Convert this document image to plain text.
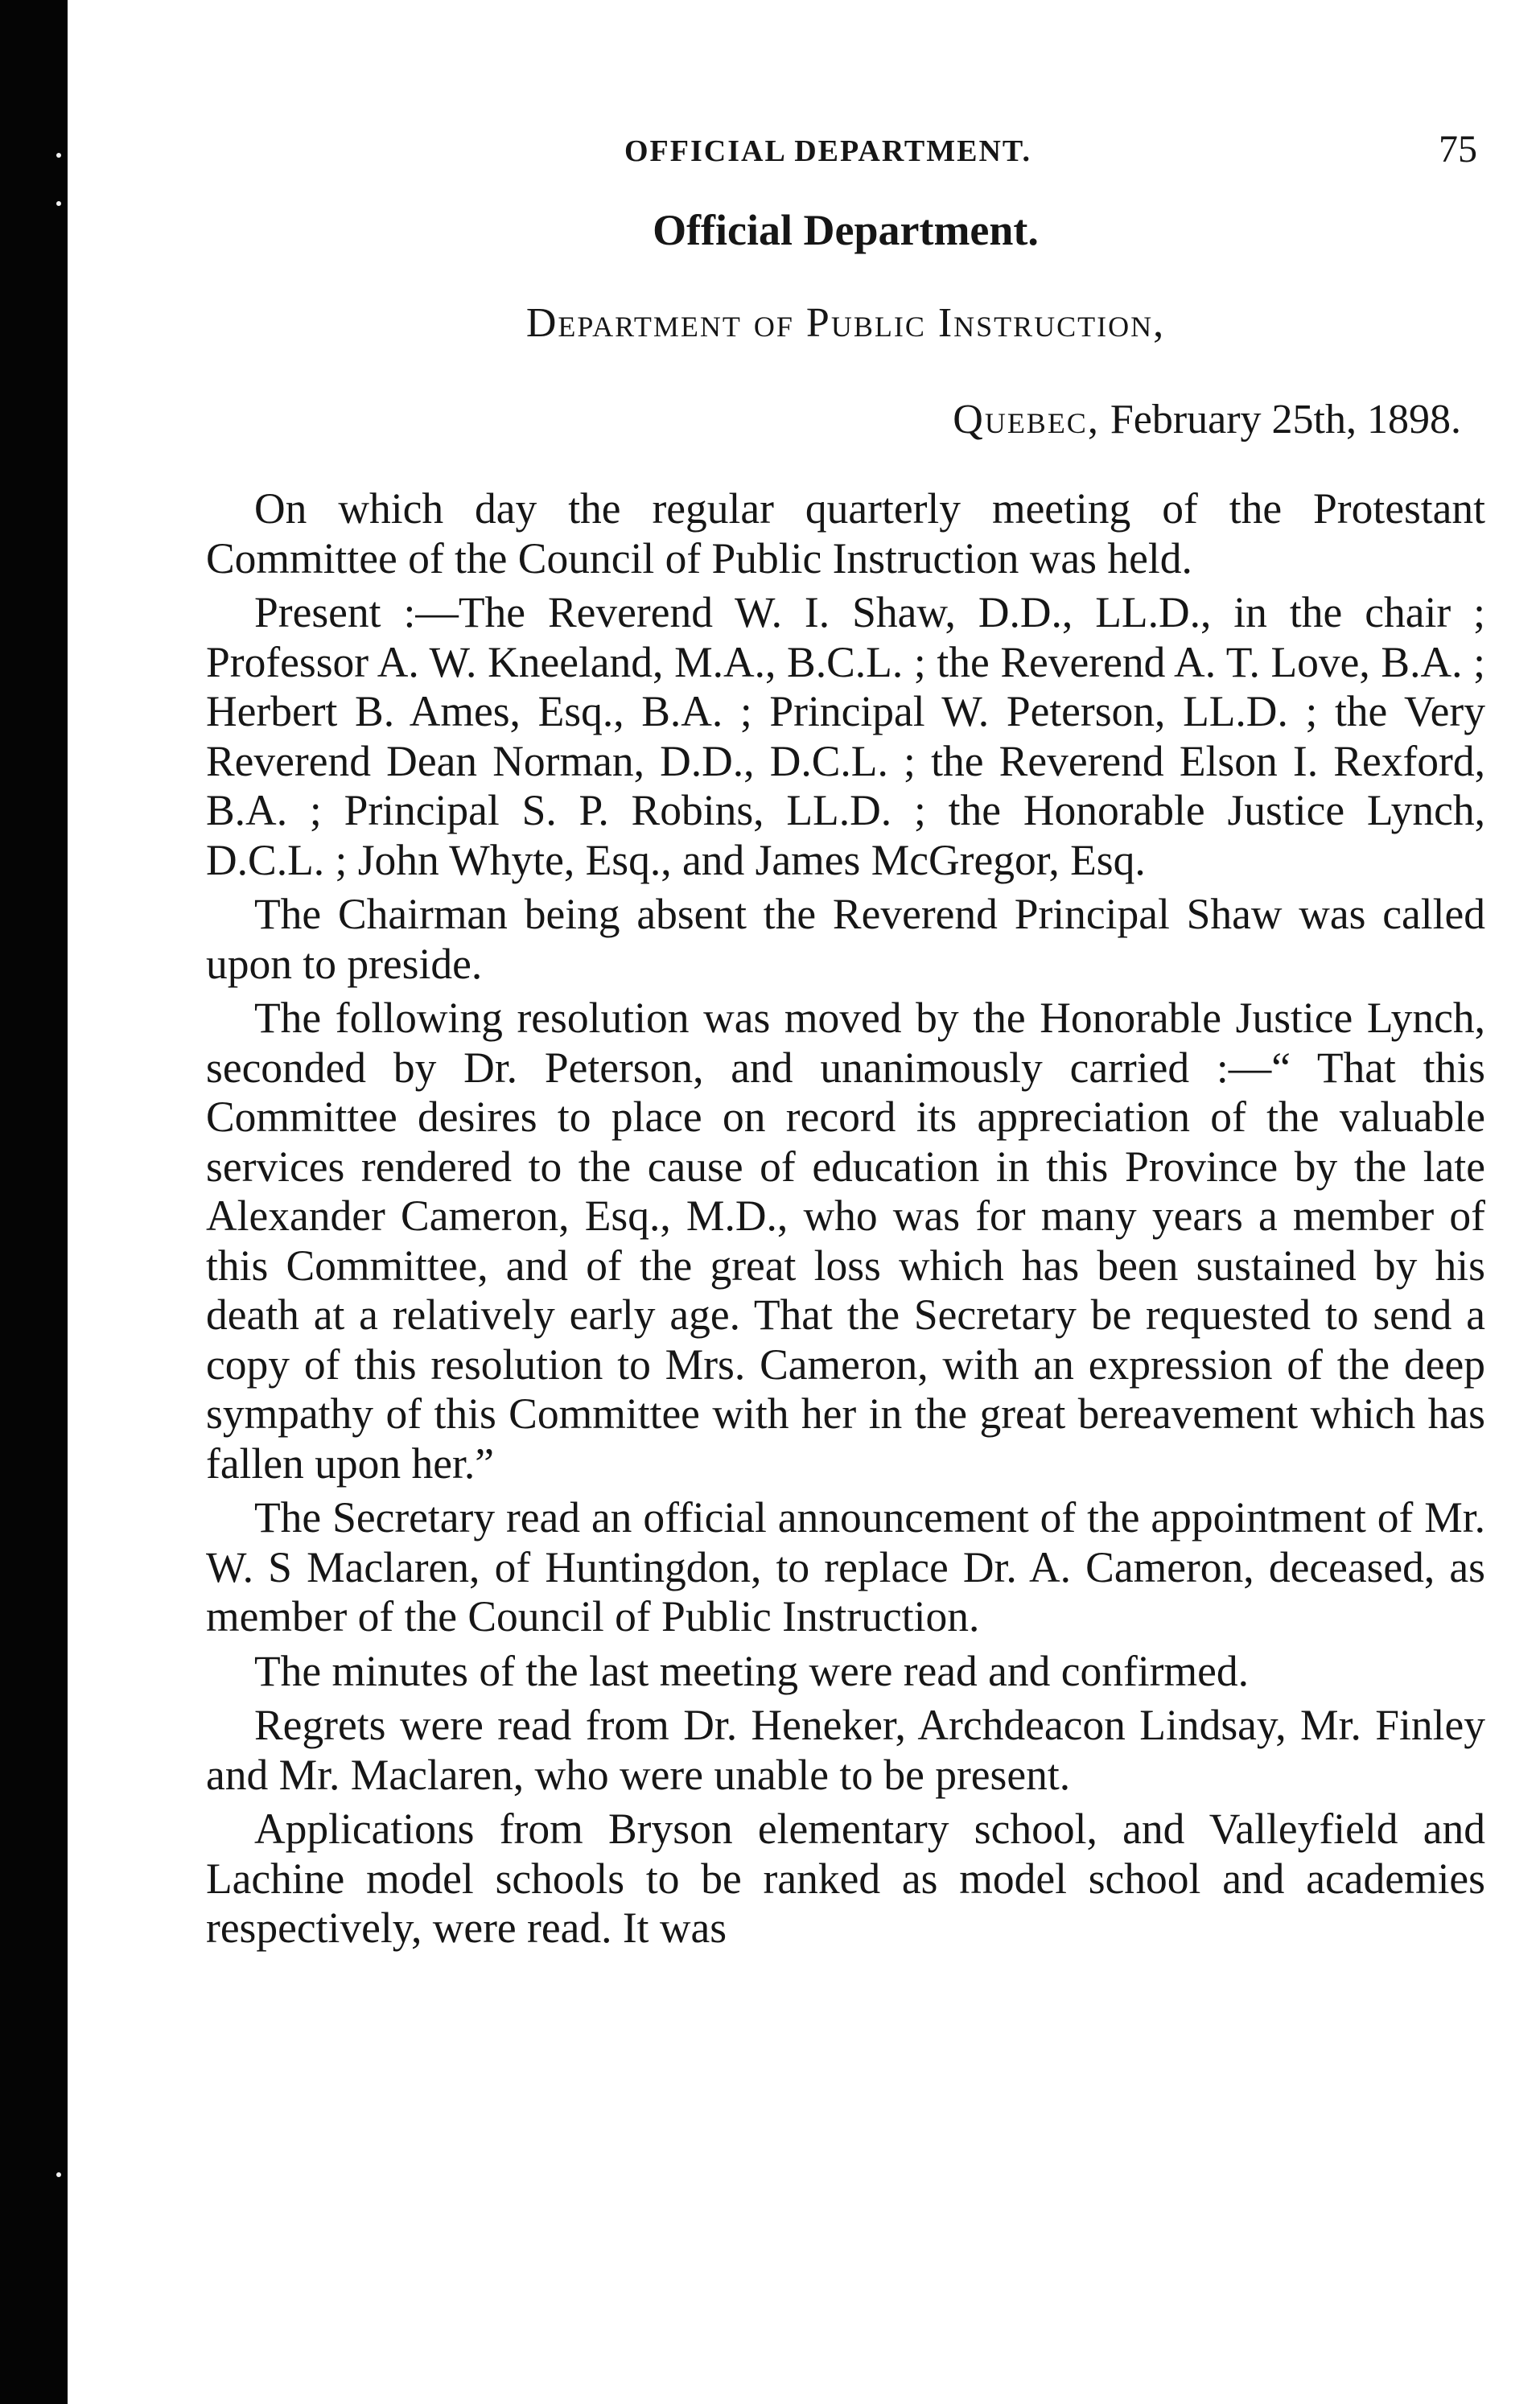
OFFICIAL DEPARTMENT.	75
Official Department.
Department of Public Instruction,
Quebec, February 25th, 1898.

On which day the regular quarterly meeting of the Protestant Committee of the Council of Public Instruction was held.

Present :—The Reverend W. I. Shaw, D.D., LL.D., in the chair ; Professor A. W. Kneeland, M.A., B.C.L. ; the Reverend A. T. Love, B.A. ; Herbert B. Ames, Esq., B.A. ; Principal W. Peterson, LL.D. ; the Very Reverend Dean Norman, D.D., D.C.L. ; the Reverend Elson I. Rexford, B.A. ; Principal S. P. Robins, LL.D. ; the Honorable Justice Lynch, D.C.L. ; John Whyte, Esq., and James McGregor, Esq.

The Chairman being absent the Reverend Principal Shaw was called upon to preside.

The following resolution was moved by the Honorable Justice Lynch, seconded by Dr. Peterson, and unanimously carried :—“ That this Committee desires to place on record its appreciation of the valuable services rendered to the cause of education in this Province by the late Alexander Cameron, Esq., M.D., who was for many years a member of this Committee, and of the great loss which has been sustained by his death at a relatively early age. That the Secretary be requested to send a copy of this resolution to Mrs. Cameron, with an expression of the deep sympathy of this Committee with her in the great bereavement which has fallen upon her.”

The Secretary read an official announcement of the appointment of Mr. W. S Maclaren, of Huntingdon, to replace Dr. A. Cameron, deceased, as member of the Council of Public Instruction.

The minutes of the last meeting were read and confirmed.

Regrets were read from Dr. Heneker, Archdeacon Lindsay, Mr. Finley and Mr. Maclaren, who were unable to be present.

Applications from Bryson elementary school, and Valleyfield and Lachine model schools to be ranked as model school and academies respectively, were read. It was
